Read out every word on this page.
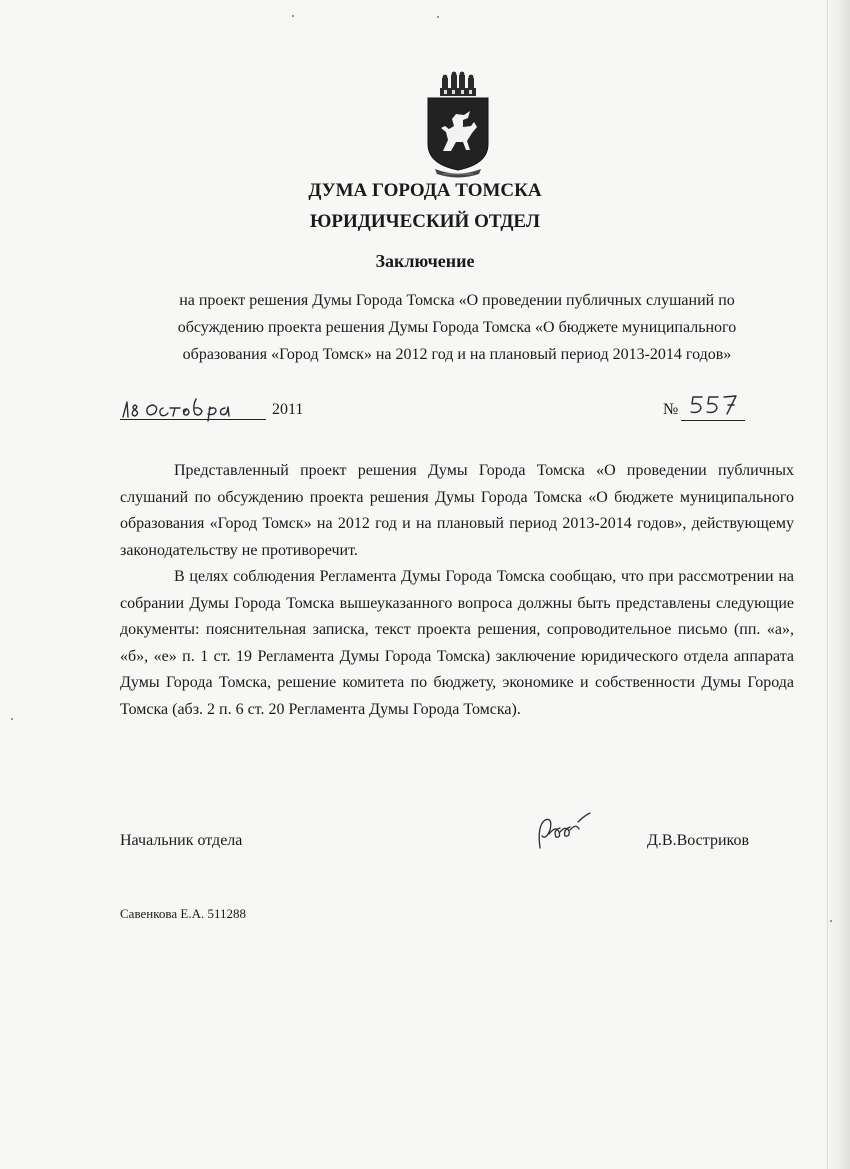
ДУМА ГОРОДА ТОМСКА
ЮРИДИЧЕСКИЙ ОТДЕЛ
Заключение
на проект решения Думы Города Томска «О проведении публичных слушаний по
обсуждению проекта решения Думы Города Томска «О бюджете муниципального
образования «Город Томск» на 2012 год и на плановый период 2013-2014 годов»
2011	№

Представленный проект решения Думы Города Томска «О проведении публичных слушаний по обсуждению проекта решения Думы Города Томска «О бюджете муниципального образования «Город Томск» на 2012 год и на плановый период 2013-2014 годов», действующему законодательству не противоречит.

В целях соблюдения Регламента Думы Города Томска сообщаю, что при рассмотрении на собрании Думы Города Томска вышеуказанного вопроса должны быть представлены следующие документы: пояснительная записка, текст проекта решения, сопроводительное письмо (пп. «а», «б», «е» п. 1 ст. 19 Регламента Думы Города Томска) заключение юридического отдела аппарата Думы Города Томска, решение комитета по бюджету, экономике и собственности Думы Города Томска (абз. 2 п. 6 ст. 20 Регламента Думы Города Томска).

Начальник отдела	Д.В.Востриков
Савенкова Е.А. 511288
